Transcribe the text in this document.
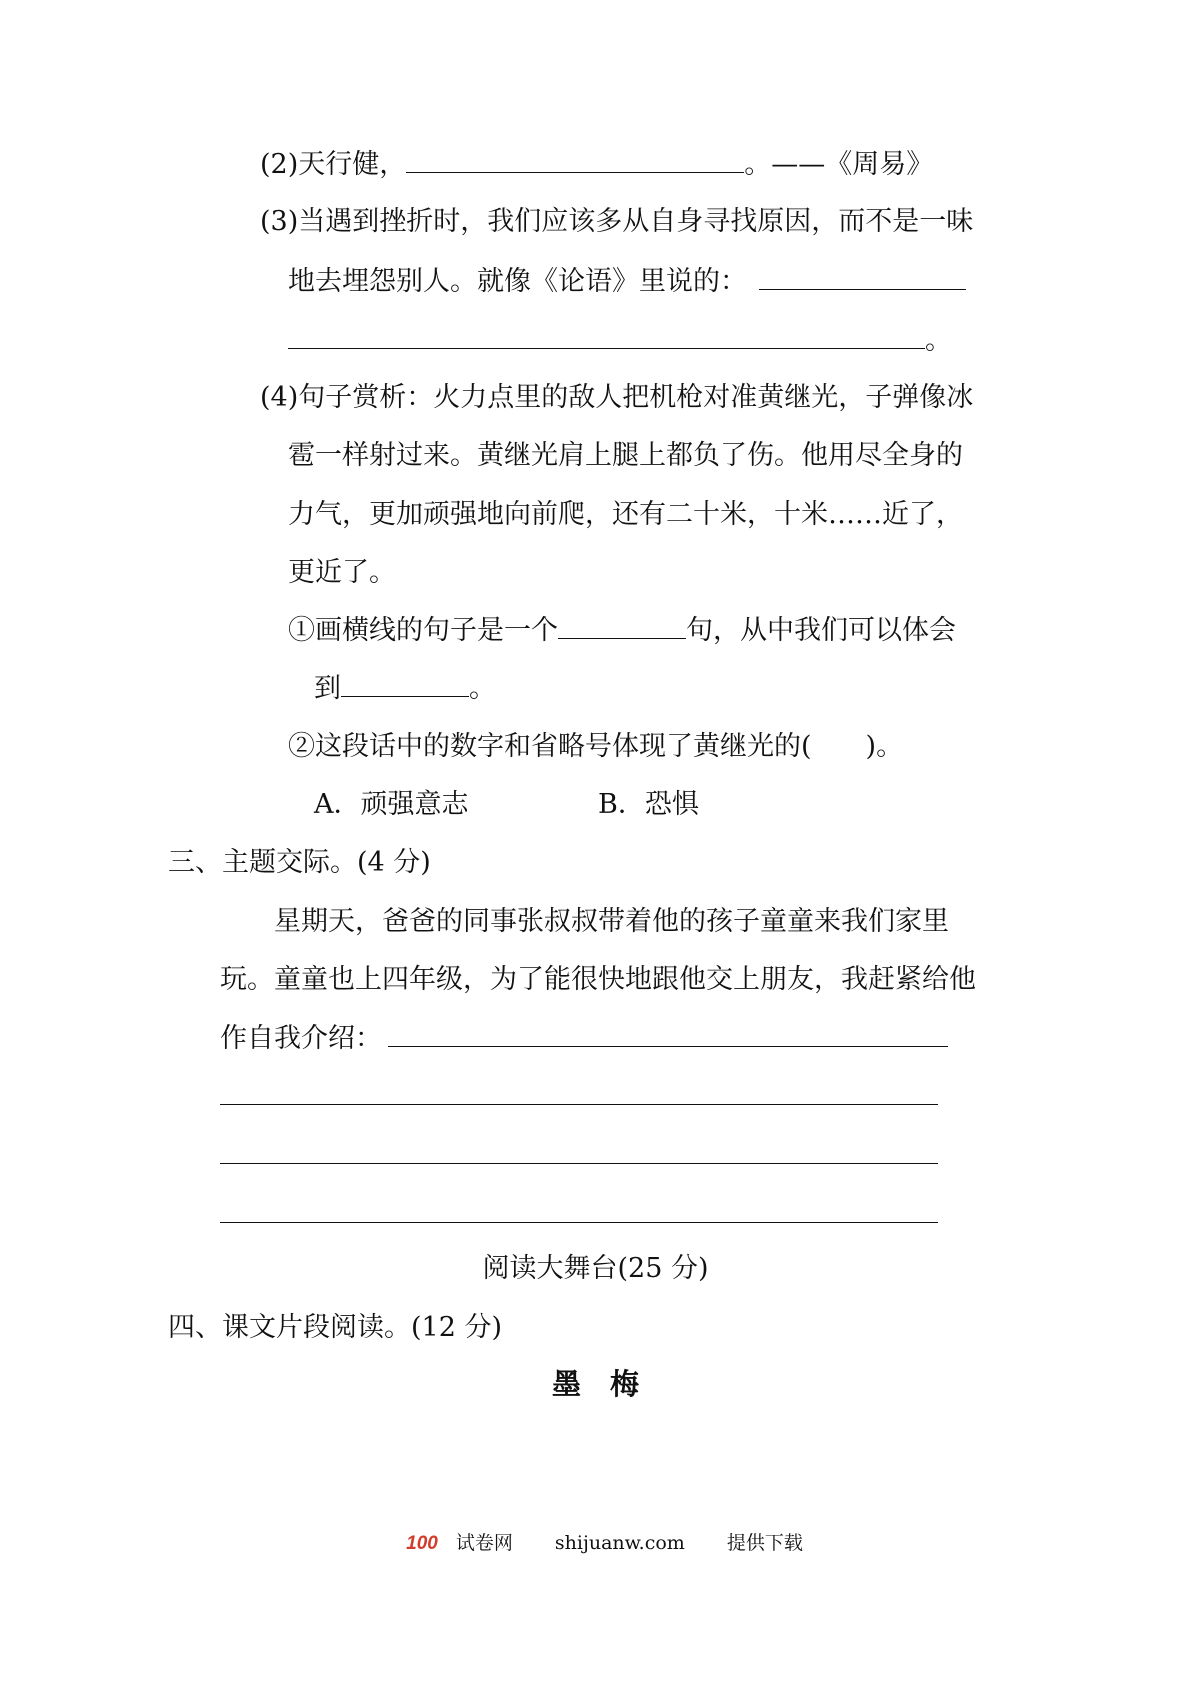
(2)天行健，	。——《周易》
(3)当遇到挫折时，我们应该多从自身寻找原因，而不是一味
地去埋怨别人。就像《论语》里说的：
。
(4)句子赏析：火力点里的敌人把机枪对准黄继光，子弹像冰
雹一样射过来。黄继光肩上腿上都负了伤。他用尽全身的
力气，更加顽强地向前爬，还有二十米，十米……近了，
更近了。
①画横线的句子是一个	句，从中我们可以体会
到	。
②这段话中的数字和省略号体现了黄继光的(　　)。
A．顽强意志	B．恐惧
三、主题交际。(4 分)
星期天，爸爸的同事张叔叔带着他的孩子童童来我们家里
玩。童童也上四年级，为了能很快地跟他交上朋友，我赶紧给他
作自我介绍：
阅读大舞台(25 分)
四、课文片段阅读。(12 分)
墨　梅
100 试卷网 shijuanw.com 提供下载
